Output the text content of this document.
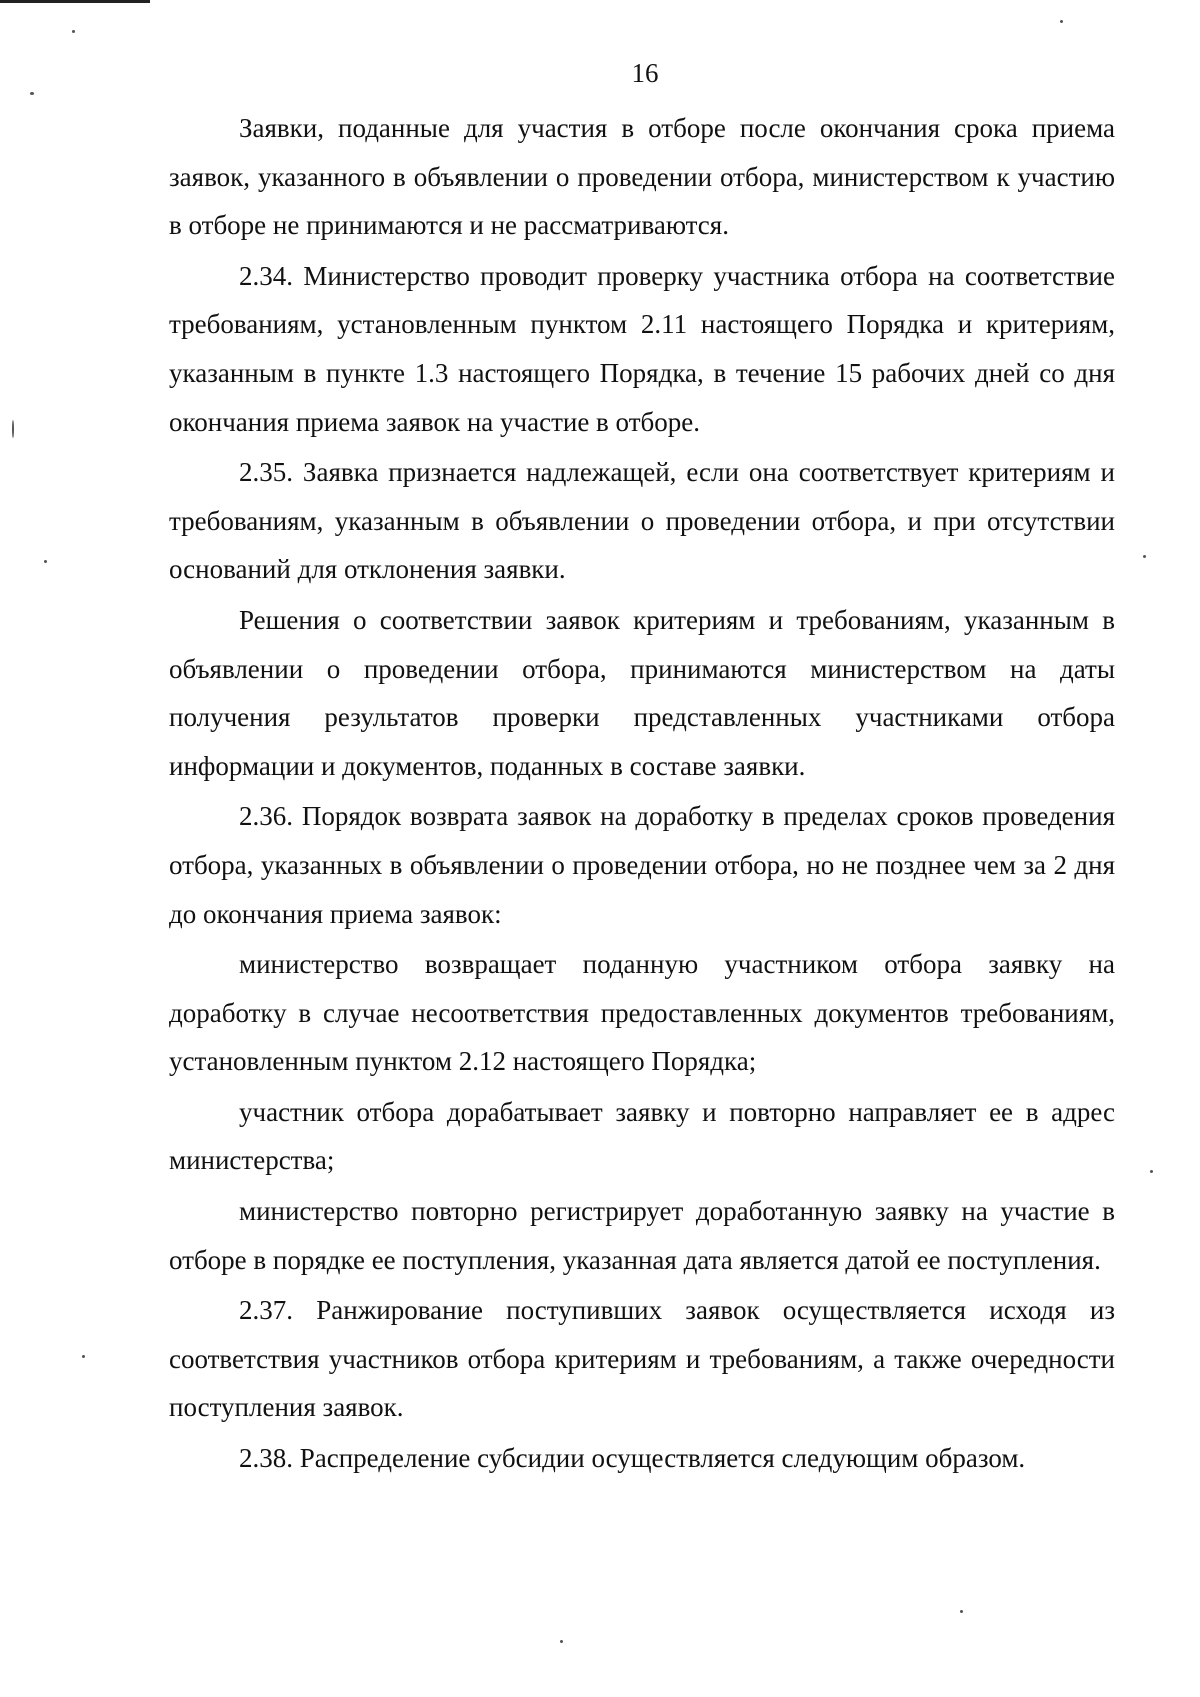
16

Заявки, поданные для участия в отборе после окончания срока приема заявок, указанного в объявлении о проведении отбора, министерством к участию в отборе не принимаются и не рассматриваются.

2.34. Министерство проводит проверку участника отбора на соответствие требованиям, установленным пунктом 2.11 настоящего Порядка и критериям, указанным в пункте 1.3 настоящего Порядка, в течение 15 рабочих дней со дня окончания приема заявок на участие в отборе.

2.35. Заявка признается надлежащей, если она соответствует критериям и требованиям, указанным в объявлении о проведении отбора, и при отсутствии оснований для отклонения заявки.

Решения о соответствии заявок критериям и требованиям, указанным в объявлении о проведении отбора, принимаются министерством на даты получения результатов проверки представленных участниками отбора информации и документов, поданных в составе заявки.

2.36. Порядок возврата заявок на доработку в пределах сроков проведения отбора, указанных в объявлении о проведении отбора, но не позднее чем за 2 дня до окончания приема заявок:

министерство возвращает поданную участником отбора заявку на доработку в случае несоответствия предоставленных документов требованиям, установленным пунктом 2.12 настоящего Порядка;

участник отбора дорабатывает заявку и повторно направляет ее в адрес министерства;

министерство повторно регистрирует доработанную заявку на участие в отборе в порядке ее поступления, указанная дата является датой ее поступления.

2.37. Ранжирование поступивших заявок осуществляется исходя из соответствия участников отбора критериям и требованиям, а также очередности поступления заявок.

2.38. Распределение субсидии осуществляется следующим образом.
